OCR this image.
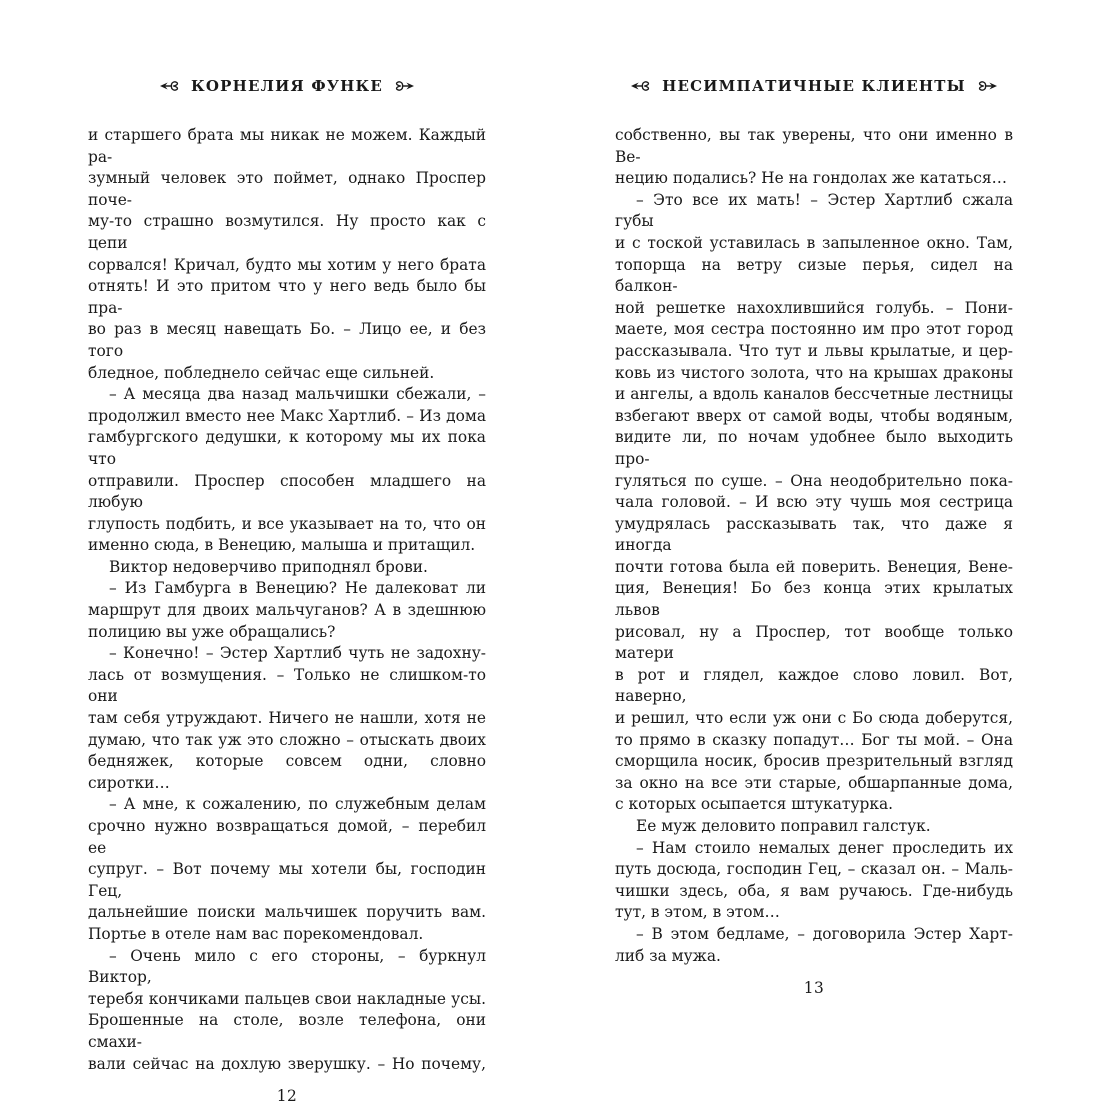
КОРНЕЛИЯ ФУНКЕ
и старшего брата мы никак не можем. Каждый ра-
зумный человек это поймет, однако Проспер поче-
му-то страшно возмутился. Ну просто как с цепи
сорвался! Кричал, будто мы хотим у него брата
отнять! И это притом что у него ведь было бы пра-
во раз в месяц навещать Бо. – Лицо ее, и без того
бледное, побледнело сейчас еще сильней.
– А месяца два назад мальчишки сбежали, –
продолжил вместо нее Макс Хартлиб. – Из дома
гамбургского дедушки, к которому мы их пока что
отправили. Проспер способен младшего на любую
глупость подбить, и все указывает на то, что он
именно сюда, в Венецию, малыша и притащил.
Виктор недоверчиво приподнял брови.
– Из Гамбурга в Венецию? Не далековат ли
маршрут для двоих мальчуганов? А в здешнюю
полицию вы уже обращались?
– Конечно! – Эстер Хартлиб чуть не задохну-
лась от возмущения. – Только не слишком-то они
там себя утруждают. Ничего не нашли, хотя не
думаю, что так уж это сложно – отыскать двоих
бедняжек, которые совсем одни, словно сиротки…
– А мне, к сожалению, по служебным делам
срочно нужно возвращаться домой, – перебил ее
супруг. – Вот почему мы хотели бы, господин Гец,
дальнейшие поиски мальчишек поручить вам.
Портье в отеле нам вас порекомендовал.
– Очень мило с его стороны, – буркнул Виктор,
теребя кончиками пальцев свои накладные усы.
Брошенные на столе, возле телефона, они смахи-
вали сейчас на дохлую зверушку. – Но почему,
12
НЕСИМПАТИЧНЫЕ КЛИЕНТЫ
собственно, вы так уверены, что они именно в Ве-
нецию подались? Не на гондолах же кататься…
– Это все их мать! – Эстер Хартлиб сжала губы
и с тоской уставилась в запыленное окно. Там,
топорща на ветру сизые перья, сидел на балкон-
ной решетке нахохлившийся голубь. – Пони-
маете, моя сестра постоянно им про этот город
рассказывала. Что тут и львы крылатые, и цер-
ковь из чистого золота, что на крышах драконы
и ангелы, а вдоль каналов бессчетные лестницы
взбегают вверх от самой воды, чтобы водяным,
видите ли, по ночам удобнее было выходить про-
гуляться по суше. – Она неодобрительно пока-
чала головой. – И всю эту чушь моя сестрица
умудрялась рассказывать так, что даже я иногда
почти готова была ей поверить. Венеция, Вене-
ция, Венеция! Бо без конца этих крылатых львов
рисовал, ну а Проспер, тот вообще только матери
в рот и глядел, каждое слово ловил. Вот, наверно,
и решил, что если уж они с Бо сюда доберутся,
то прямо в сказку попадут… Бог ты мой. – Она
сморщила носик, бросив презрительный взгляд
за окно на все эти старые, обшарпанные дома,
с которых осыпается штукатурка.
Ее муж деловито поправил галстук.
– Нам стоило немалых денег проследить их
путь досюда, господин Гец, – сказал он. – Маль-
чишки здесь, оба, я вам ручаюсь. Где-нибудь
тут, в этом, в этом…
– В этом бедламе, – договорила Эстер Харт-
либ за мужа.
13
